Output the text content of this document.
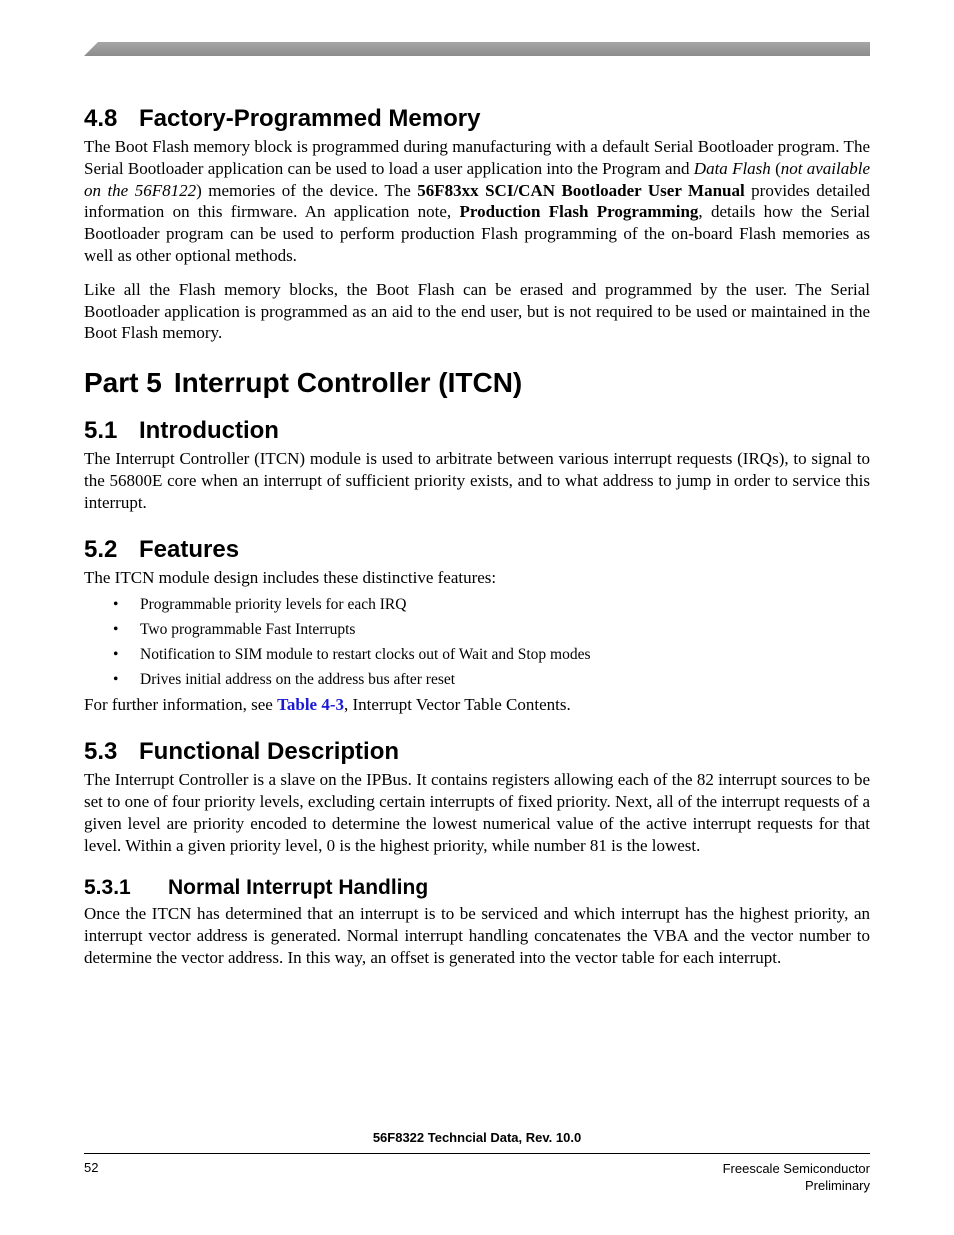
4.8 Factory-Programmed Memory

The Boot Flash memory block is programmed during manufacturing with a default Serial Bootloader program. The Serial Bootloader application can be used to load a user application into the Program and Data Flash (not available on the 56F8122) memories of the device. The 56F83xx SCI/CAN Bootloader User Manual provides detailed information on this firmware. An application note, Production Flash Programming, details how the Serial Bootloader program can be used to perform production Flash programming of the on-board Flash memories as well as other optional methods.

Like all the Flash memory blocks, the Boot Flash can be erased and programmed by the user. The Serial Bootloader application is programmed as an aid to the end user, but is not required to be used or maintained in the Boot Flash memory.

Part 5 Interrupt Controller (ITCN)
5.1 Introduction

The Interrupt Controller (ITCN) module is used to arbitrate between various interrupt requests (IRQs), to signal to the 56800E core when an interrupt of sufficient priority exists, and to what address to jump in order to service this interrupt.

5.2 Features

The ITCN module design includes these distinctive features:

• Programmable priority levels for each IRQ
• Two programmable Fast Interrupts
• Notification to SIM module to restart clocks out of Wait and Stop modes
• Drives initial address on the address bus after reset

For further information, see Table 4-3, Interrupt Vector Table Contents.

5.3 Functional Description

The Interrupt Controller is a slave on the IPBus. It contains registers allowing each of the 82 interrupt sources to be set to one of four priority levels, excluding certain interrupts of fixed priority. Next, all of the interrupt requests of a given level are priority encoded to determine the lowest numerical value of the active interrupt requests for that level. Within a given priority level, 0 is the highest priority, while number 81 is the lowest.

5.3.1 Normal Interrupt Handling

Once the ITCN has determined that an interrupt is to be serviced and which interrupt has the highest priority, an interrupt vector address is generated. Normal interrupt handling concatenates the VBA and the vector number to determine the vector address. In this way, an offset is generated into the vector table for each interrupt.

56F8322 Techncial Data, Rev. 10.0
52	Freescale Semiconductor
Preliminary
